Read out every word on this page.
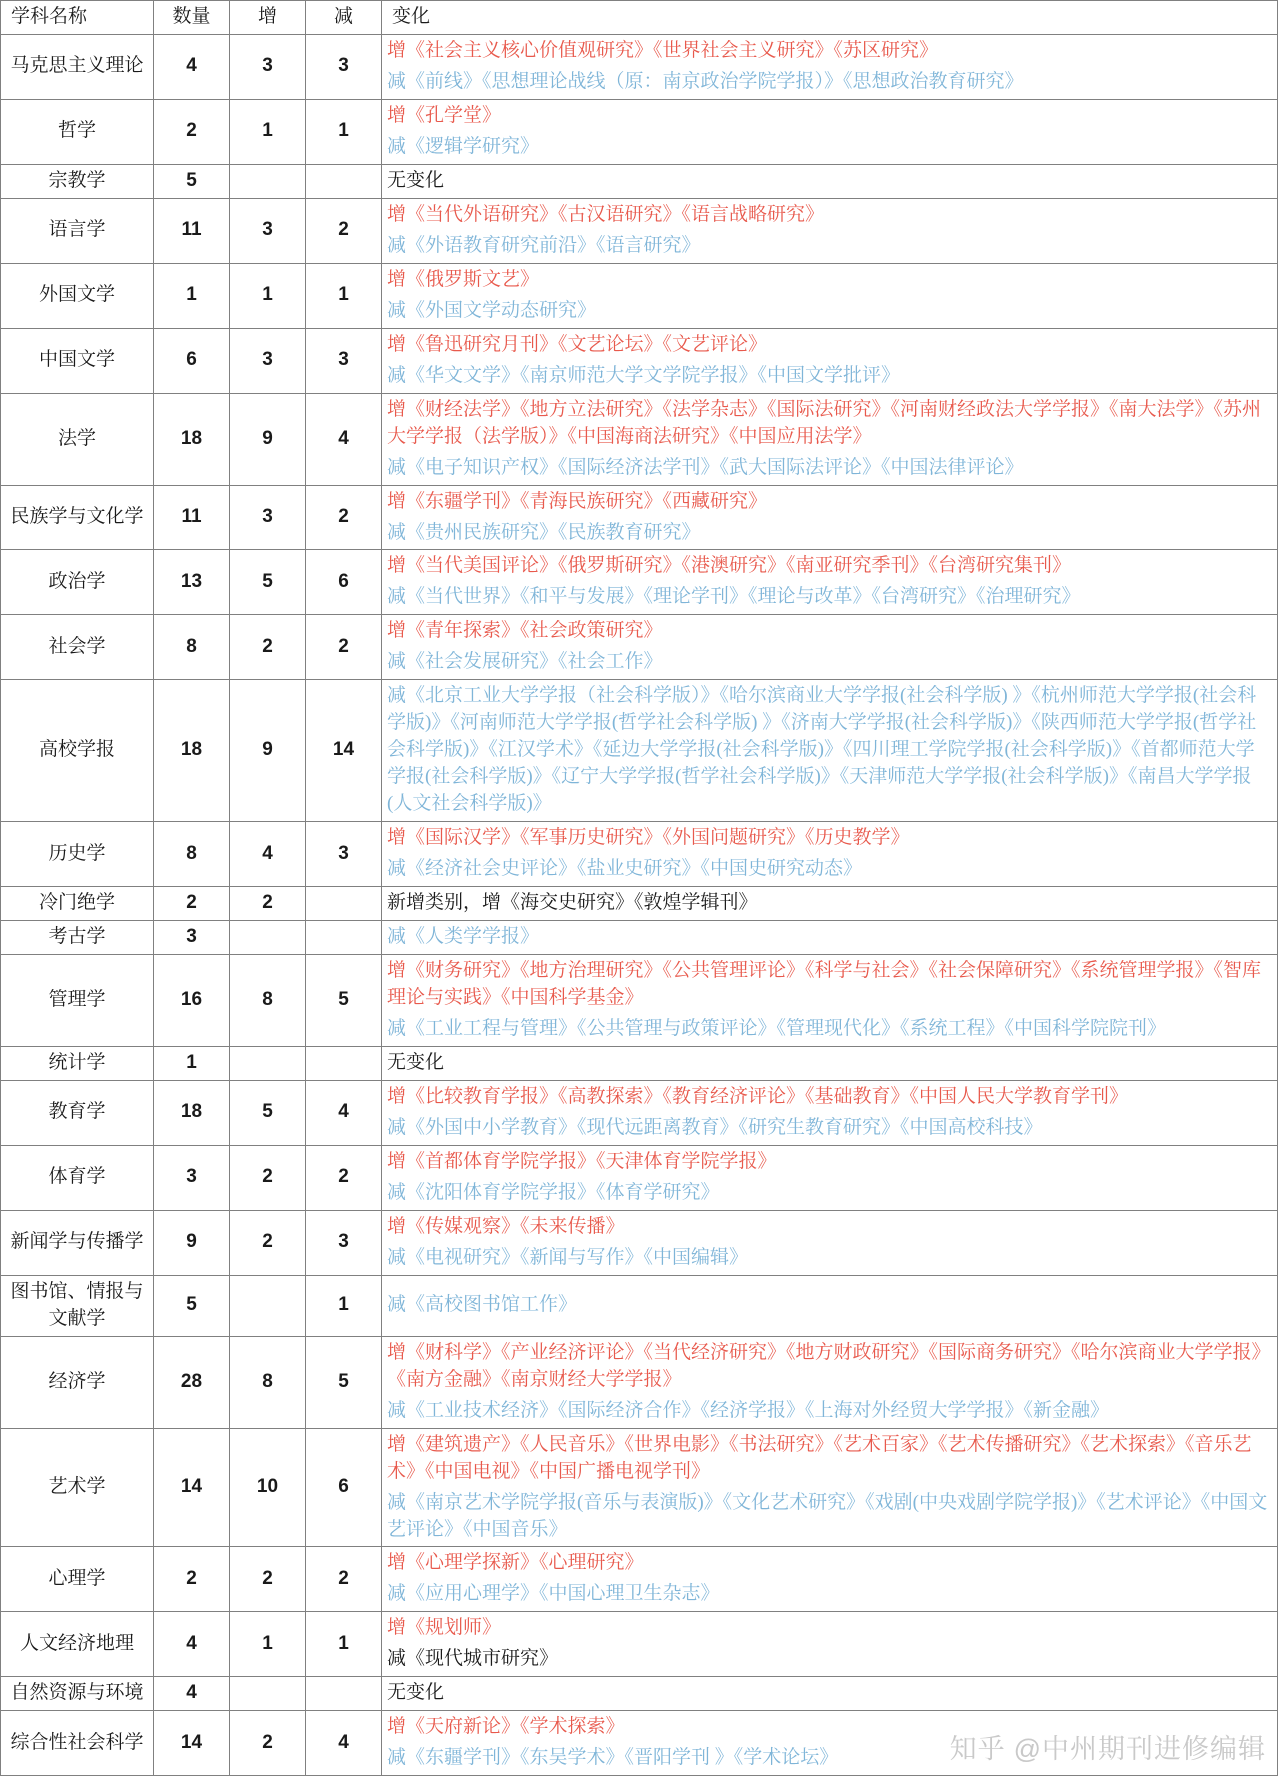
学科名称	数量	增	减	变化
马克思主义理论	4	3	3	增《社会主义核心价值观研究》《世界社会主义研究》《苏区研究》
减《前线》《思想理论战线（原：南京政治学院学报）》《思想政治教育研究》

哲学	2	1	1	增《孔学堂》
减《逻辑学研究》

宗教学	5			无变化

语言学	11	3	2	增《当代外语研究》《古汉语研究》《语言战略研究》
减《外语教育研究前沿》《语言研究》

外国文学	1	1	1	增《俄罗斯文艺》
减《外国文学动态研究》

中国文学	6	3	3	增《鲁迅研究月刊》《文艺论坛》《文艺评论》
减《华文文学》《南京师范大学文学院学报》《中国文学批评》

法学	18	9	4	增《财经法学》《地方立法研究》《法学杂志》《国际法研究》《河南财经政法大学学报》《南大法学》《苏州大学学报（法学版）》《中国海商法研究》《中国应用法学》
减《电子知识产权》《国际经济法学刊》《武大国际法评论》《中国法律评论》

民族学与文化学	11	3	2	增《东疆学刊》《青海民族研究》《西藏研究》
减《贵州民族研究》《民族教育研究》

政治学	13	5	6	增《当代美国评论》《俄罗斯研究》《港澳研究》《南亚研究季刊》《台湾研究集刊》
减《当代世界》《和平与发展》《理论学刊》《理论与改革》《台湾研究》《治理研究》

社会学	8	2	2	增《青年探索》《社会政策研究》
减《社会发展研究》《社会工作》

高校学报	18	9	14	减《北京工业大学学报（社会科学版）》《哈尔滨商业大学学报(社会科学版) 》《杭州师范大学学报(社会科学版)》《河南师范大学学报(哲学社会科学版) 》《济南大学学报(社会科学版)》《陕西师范大学学报(哲学社会科学版)》《江汉学术》《延边大学学报(社会科学版)》《四川理工学院学报(社会科学版)》《首都师范大学学报(社会科学版)》《辽宁大学学报(哲学社会科学版)》《天津师范大学学报(社会科学版)》《南昌大学学报(人文社会科学版)》

历史学	8	4	3	增《国际汉学》《军事历史研究》《外国问题研究》《历史教学》
减《经济社会史评论》《盐业史研究》《中国史研究动态》

冷门绝学	2	2		新增类别，增《海交史研究》《敦煌学辑刊》

考古学	3			减《人类学学报》

管理学	16	8	5	增《财务研究》《地方治理研究》《公共管理评论》《科学与社会》《社会保障研究》《系统管理学报》《智库理论与实践》《中国科学基金》
减《工业工程与管理》《公共管理与政策评论》《管理现代化》《系统工程》《中国科学院院刊》

统计学	1			无变化

教育学	18	5	4	增《比较教育学报》《高教探索》《教育经济评论》《基础教育》《中国人民大学教育学刊》
减《外国中小学教育》《现代远距离教育》《研究生教育研究》《中国高校科技》

体育学	3	2	2	增《首都体育学院学报》《天津体育学院学报》
减《沈阳体育学院学报》《体育学研究》

新闻学与传播学	9	2	3	增《传媒观察》《未来传播》
减《电视研究》《新闻与写作》《中国编辑》

图书馆、情报与文献学	5		1	减《高校图书馆工作》

经济学	28	8	5	增《财科学》《产业经济评论》《当代经济研究》《地方财政研究》《国际商务研究》《哈尔滨商业大学学报》《南方金融》《南京财经大学学报》
减《工业技术经济》《国际经济合作》《经济学报》《上海对外经贸大学学报》《新金融》

艺术学	14	10	6	增《建筑遗产》《人民音乐》《世界电影》《书法研究》《艺术百家》《艺术传播研究》《艺术探索》《音乐艺术》《中国电视》《中国广播电视学刊》
减《南京艺术学院学报(音乐与表演版)》《文化艺术研究》《戏剧(中央戏剧学院学报)》《艺术评论》《中国文艺评论》《中国音乐》

心理学	2	2	2	增《心理学探新》《心理研究》
减《应用心理学》《中国心理卫生杂志》

人文经济地理	4	1	1	增《规划师》
减《现代城市研究》

自然资源与环境	4			无变化

综合性社会科学	14	2	4	增《天府新论》《学术探索》
减《东疆学刊》《东吴学术》《晋阳学刊 》《学术论坛》	知乎 @中州期刊进修编辑
